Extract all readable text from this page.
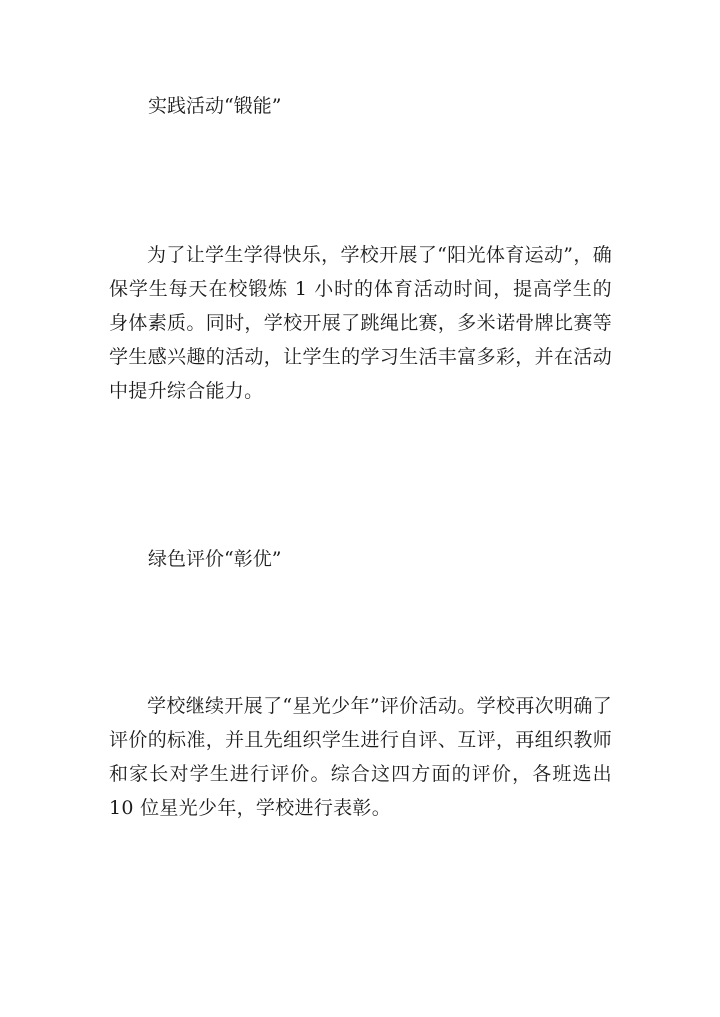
实践活动“锻能”
为了让学生学得快乐，学校开展了“阳光体育运动”，确保学生每天在校锻炼 1 小时的体育活动时间，提高学生的身体素质。同时，学校开展了跳绳比赛，多米诺骨牌比赛等学生感兴趣的活动，让学生的学习生活丰富多彩，并在活动中提升综合能力。
绿色评价“彰优”
学校继续开展了“星光少年”评价活动。学校再次明确了评价的标准，并且先组织学生进行自评、互评，再组织教师和家长对学生进行评价。综合这四方面的评价，各班选出 10 位星光少年，学校进行表彰。
